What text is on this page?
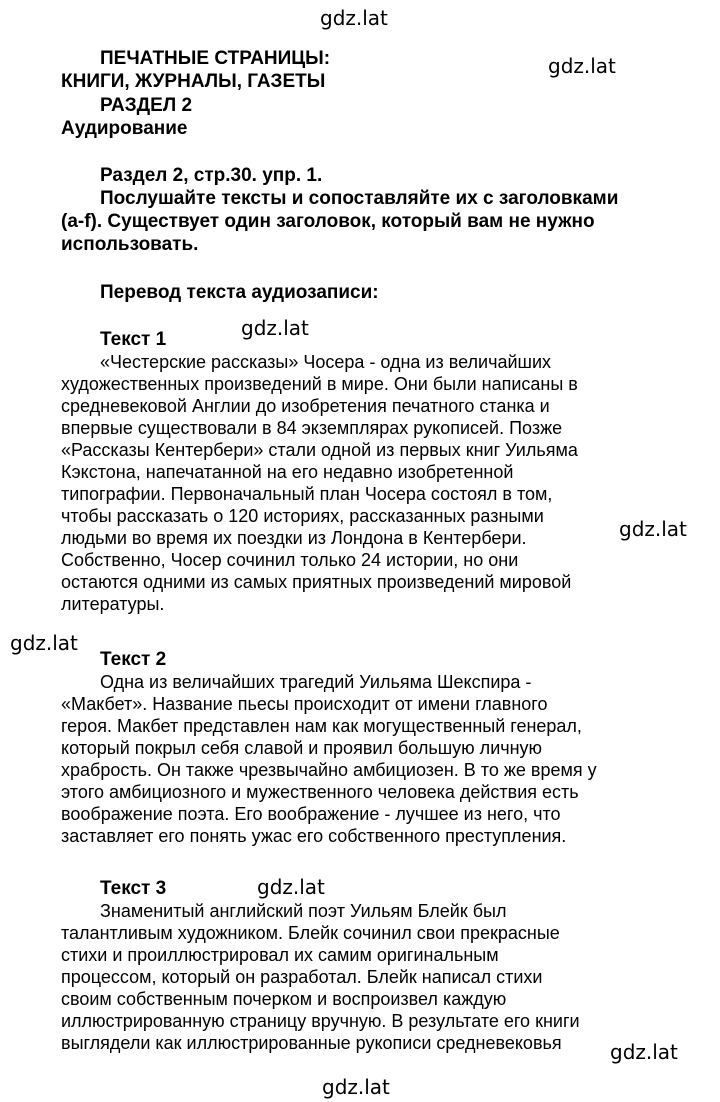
gdz.lat
gdz.lat
gdz.lat
gdz.lat
gdz.lat
gdz.lat
gdz.lat
gdz.lat
ПЕЧАТНЫЕ СТРАНИЦЫ:
КНИГИ, ЖУРНАЛЫ, ГАЗЕТЫ
РАЗДЕЛ 2
Аудирование
Раздел 2, стр.30. упр. 1.
Послушайте тексты и сопоставляйте их с заголовками
(a-f). Существует один заголовок, который вам не нужно
использовать.
Перевод текста аудиозаписи:
Текст 1
«Честерские рассказы» Чосера - одна из величайших
художественных произведений в мире. Они были написаны в
средневековой Англии до изобретения печатного станка и
впервые существовали в 84 экземплярах рукописей. Позже
«Рассказы Кентербери» стали одной из первых книг Уильяма
Кэкстона, напечатанной на его недавно изобретенной
типографии. Первоначальный план Чосера состоял в том,
чтобы рассказать о 120 историях, рассказанных разными
людьми во время их поездки из Лондона в Кентербери.
Собственно, Чосер сочинил только 24 истории, но они
остаются одними из самых приятных произведений мировой
литературы.
Текст 2
Одна из величайших трагедий Уильяма Шекспира -
«Макбет». Название пьесы происходит от имени главного
героя. Макбет представлен нам как могущественный генерал,
который покрыл себя славой и проявил большую личную
храбрость. Он также чрезвычайно амбициозен. В то же время у
этого амбициозного и мужественного человека действия есть
воображение поэта. Его воображение - лучшее из него, что
заставляет его понять ужас его собственного преступления.
Текст 3
Знаменитый английский поэт Уильям Блейк был
талантливым художником. Блейк сочинил свои прекрасные
стихи и проиллюстрировал их самим оригинальным
процессом, который он разработал. Блейк написал стихи
своим собственным почерком и воспроизвел каждую
иллюстрированную страницу вручную. В результате его книги
выглядели как иллюстрированные рукописи средневековья
